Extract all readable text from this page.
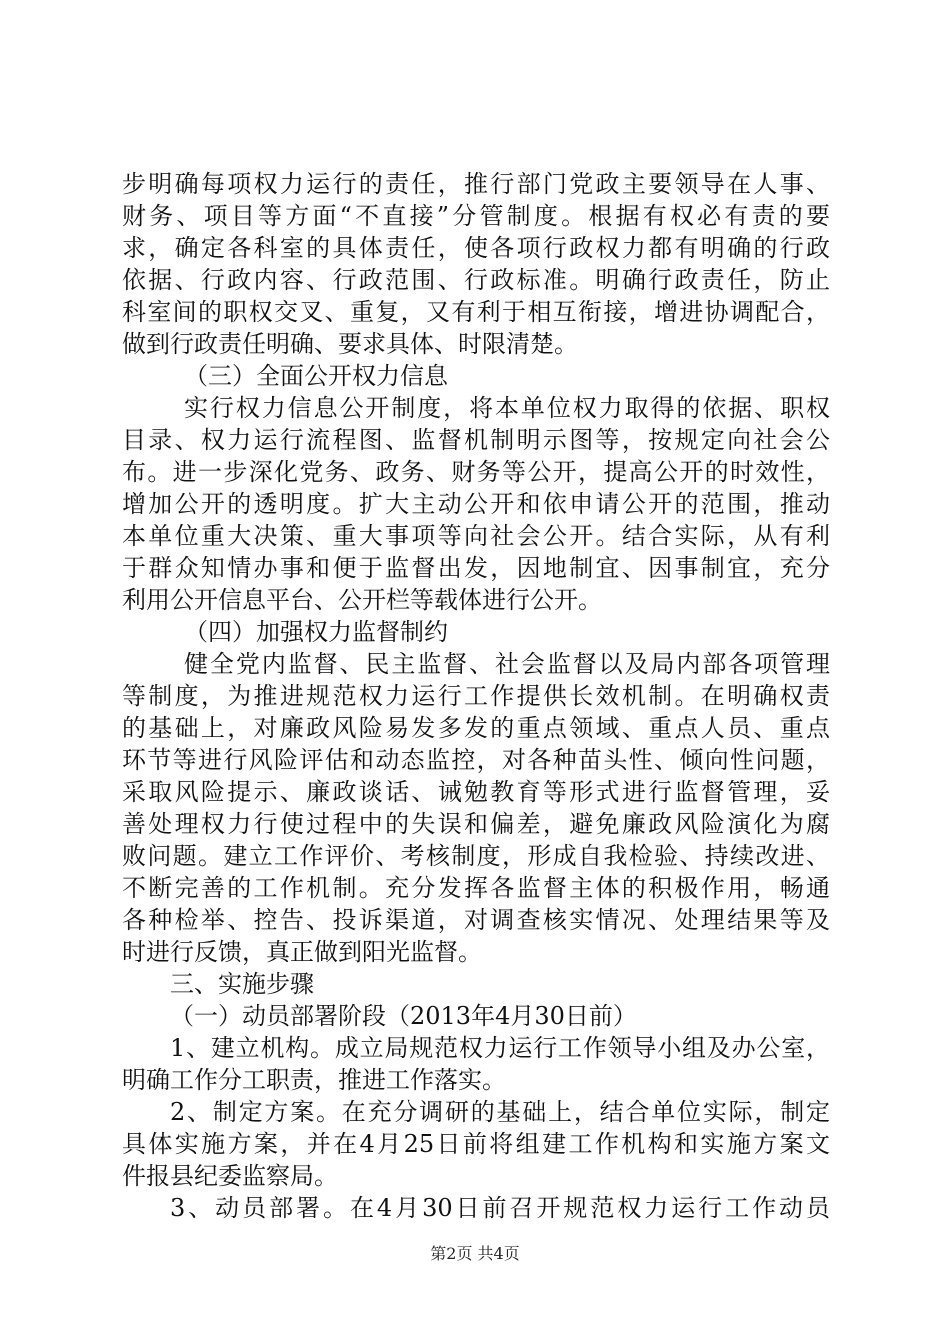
步明确每项权力运行的责任，推行部门党政主要领导在人事、
财务、项目等方面“不直接”分管制度。根据有权必有责的要
求，确定各科室的具体责任，使各项行政权力都有明确的行政
依据、行政内容、行政范围、行政标准。明确行政责任，防止
科室间的职权交叉、重复，又有利于相互衔接，增进协调配合，
做到行政责任明确、要求具体、时限清楚。
（三）全面公开权力信息
实行权力信息公开制度，将本单位权力取得的依据、职权
目录、权力运行流程图、监督机制明示图等，按规定向社会公
布。进一步深化党务、政务、财务等公开，提高公开的时效性，
增加公开的透明度。扩大主动公开和依申请公开的范围，推动
本单位重大决策、重大事项等向社会公开。结合实际，从有利
于群众知情办事和便于监督出发，因地制宜、因事制宜，充分
利用公开信息平台、公开栏等载体进行公开。
（四）加强权力监督制约
健全党内监督、民主监督、社会监督以及局内部各项管理
等制度，为推进规范权力运行工作提供长效机制。在明确权责
的基础上，对廉政风险易发多发的重点领域、重点人员、重点
环节等进行风险评估和动态监控，对各种苗头性、倾向性问题，
采取风险提示、廉政谈话、诫勉教育等形式进行监督管理，妥
善处理权力行使过程中的失误和偏差，避免廉政风险演化为腐
败问题。建立工作评价、考核制度，形成自我检验、持续改进、
不断完善的工作机制。充分发挥各监督主体的积极作用，畅通
各种检举、控告、投诉渠道，对调查核实情况、处理结果等及
时进行反馈，真正做到阳光监督。
三、实施步骤
（一）动员部署阶段（2013年4月30日前）
1、建立机构。成立局规范权力运行工作领导小组及办公室，
明确工作分工职责，推进工作落实。
2、制定方案。在充分调研的基础上，结合单位实际，制定
具体实施方案，并在4月25日前将组建工作机构和实施方案文
件报县纪委监察局。
3、动员部署。在4月30日前召开规范权力运行工作动员
第2页 共4页
